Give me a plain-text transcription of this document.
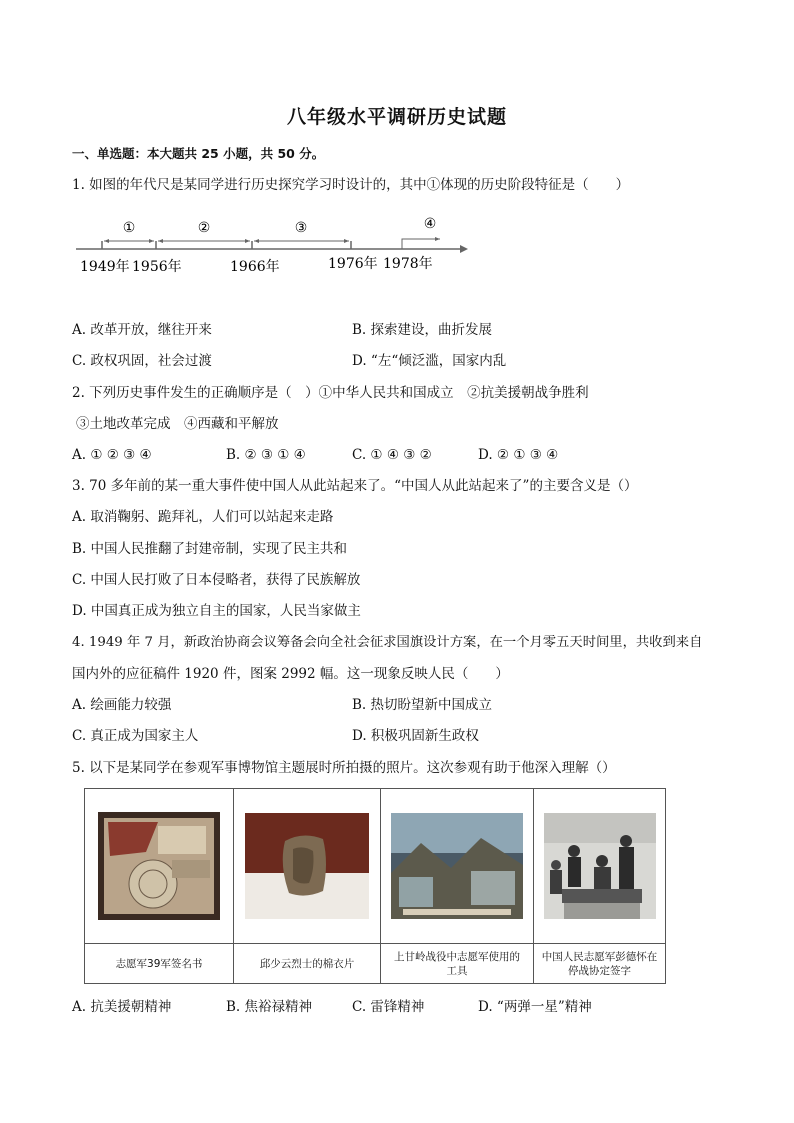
八年级水平调研历史试题
一、单选题：本大题共 25 小题，共 50 分。
1. 如图的年代尺是某同学进行历史探究学习时设计的，其中①体现的历史阶段特征是（　　）
①	②	③	④
1949年 1956年	1966年	1976年 1978年
A. 改革开放，继往开来	B. 探索建设，曲折发展
C. 政权巩固，社会过渡	D. “左“倾泛滥，国家内乱
2. 下列历史事件发生的正确顺序是（　）①中华人民共和国成立　②抗美援朝战争胜利
③土地改革完成　④西藏和平解放
A. ① ② ③ ④	B. ② ③ ① ④	C. ① ④ ③ ②	D. ② ① ③ ④
3. 70 多年前的某一重大事件使中国人从此站起来了。“中国人从此站起来了”的主要含义是（）
A. 取消鞠躬、跪拜礼，人们可以站起来走路
B. 中国人民推翻了封建帝制，实现了民主共和
C. 中国人民打败了日本侵略者，获得了民族解放
D. 中国真正成为独立自主的国家，人民当家做主
4. 1949 年 7 月，新政治协商会议筹备会向全社会征求国旗设计方案，在一个月零五天时间里，共收到来自
国内外的应征稿件 1920 件，图案 2992 幅。这一现象反映人民（　　）
A. 绘画能力较强	B. 热切盼望新中国成立
C. 真正成为国家主人	D. 积极巩固新生政权
5. 以下是某同学在参观军事博物馆主题展时所拍摄的照片。这次参观有助于他深入理解（）

志愿军39军签名书	邱少云烈士的棉衣片	上甘岭战役中志愿军使用的工具	中国人民志愿军彭德怀在停战协定签字
A. 抗美援朝精神	B. 焦裕禄精神	C. 雷锋精神	D. “两弹一星”精神
